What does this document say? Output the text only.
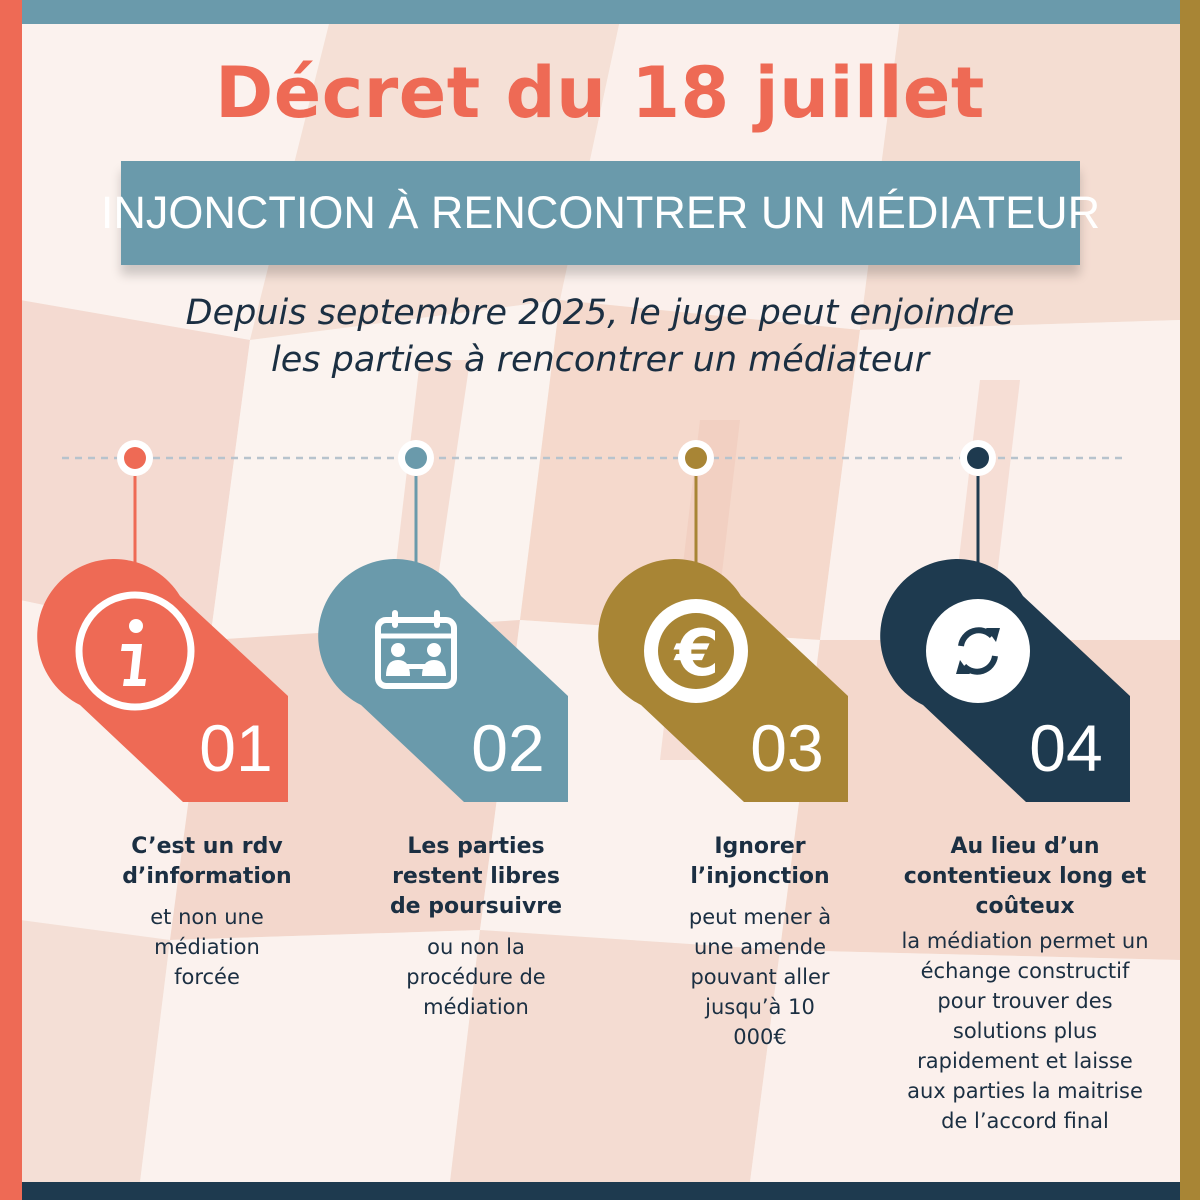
Décret du 18 juillet
INJONCTION À RENCONTRER UN MÉDIATEUR

Depuis septembre 2025, le juge peut enjoindre
les parties à rencontrer un médiateur

€
01	02	03	04

C’est un rdv
d’information

et non une
médiation
forcée

Les parties
restent libres
de poursuivre

ou non la
procédure de
médiation

Ignorer
l’injonction

peut mener à
une amende
pouvant aller
jusqu’à 10
000€

Au lieu d’un
contentieux long et
coûteux

la médiation permet un
échange constructif
pour trouver des
solutions plus
rapidement et laisse
aux parties la maitrise
de l’accord final
